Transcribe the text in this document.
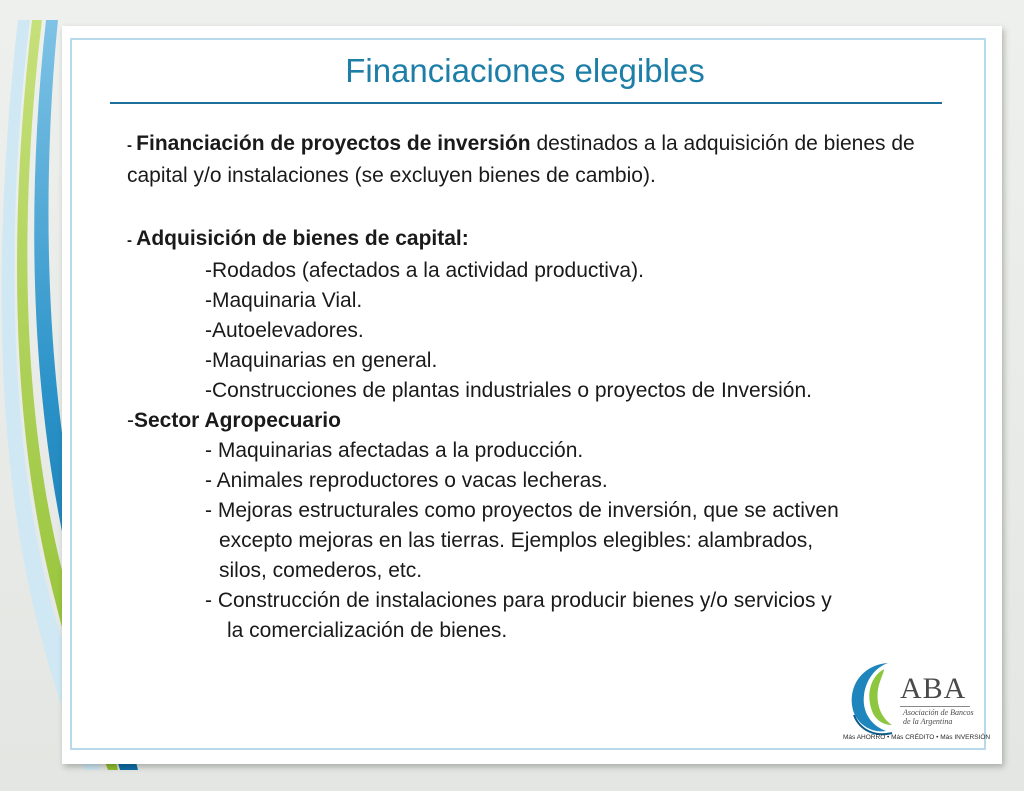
Financiaciones elegibles

- Financiación de proyectos de inversión destinados a la adquisición de bienes de capital y/o instalaciones (se excluyen bienes de cambio).

- Adquisición de bienes de capital:

-Rodados (afectados a la actividad productiva).

-Maquinaria Vial.

-Autoelevadores.

-Maquinarias en general.

-Construcciones de plantas industriales o proyectos de Inversión.

-Sector Agropecuario

- Maquinarias afectadas a la producción.

- Animales reproductores o vacas lecheras.

- Mejoras estructurales como proyectos de inversión, que se activen

excepto mejoras en las tierras. Ejemplos elegibles: alambrados,

silos, comederos, etc.

- Construcción de instalaciones para producir bienes y/o servicios y

la comercialización de bienes.

ABA
Asociación de Bancos
de la Argentina
Más AHORRO • Más CRÉDITO • Más INVERSIÓN
